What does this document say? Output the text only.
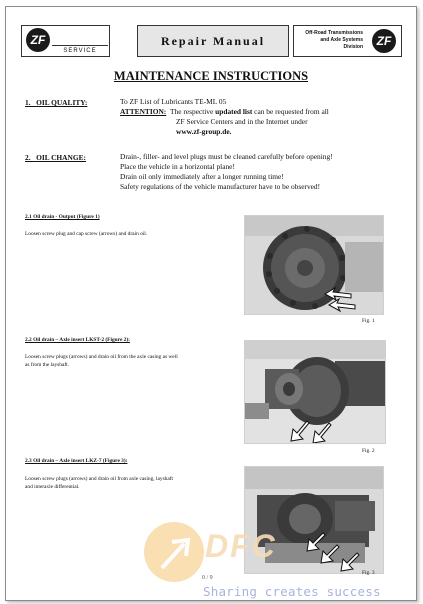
ZF
SERVICE
Repair Manual
Off-Road Transmissions
and Axle Systems
Division	ZF
MAINTENANCE INSTRUCTIONS
1. OIL QUALITY:	To ZF List of Lubricants TE-ML 05
ATTENTION: The respective updated list can be requested from all
ZF Service Centers and in the Internet under
www.zf-group.de.
2. OIL CHANGE:	Drain-, filler- and level plugs must be cleaned carefully before opening!
Place the vehicle in a horizontal plane!
Drain oil only immediately after a longer running time!
Safety regulations of the vehicle manufacturer have to be observed!
2.1 Oil drain - Output (Figure 1)
Loosen screw plug and cap screw (arrows) and drain oil.
Fig. 1
2.2 Oil drain – Axle insert LKST-2 (Figure 2):
Loosen screw plugs (arrows) and drain oil from the axle casing as well as from the layshaft.
Fig. 2
2.3 Oil drain – Axle insert LKZ-7 (Figure 3):
Loosen screw plugs (arrows) and drain oil from axle casing, layshaft and interaxle differential.
Fig. 3
0 / 9
DFC
Sharing creates success
